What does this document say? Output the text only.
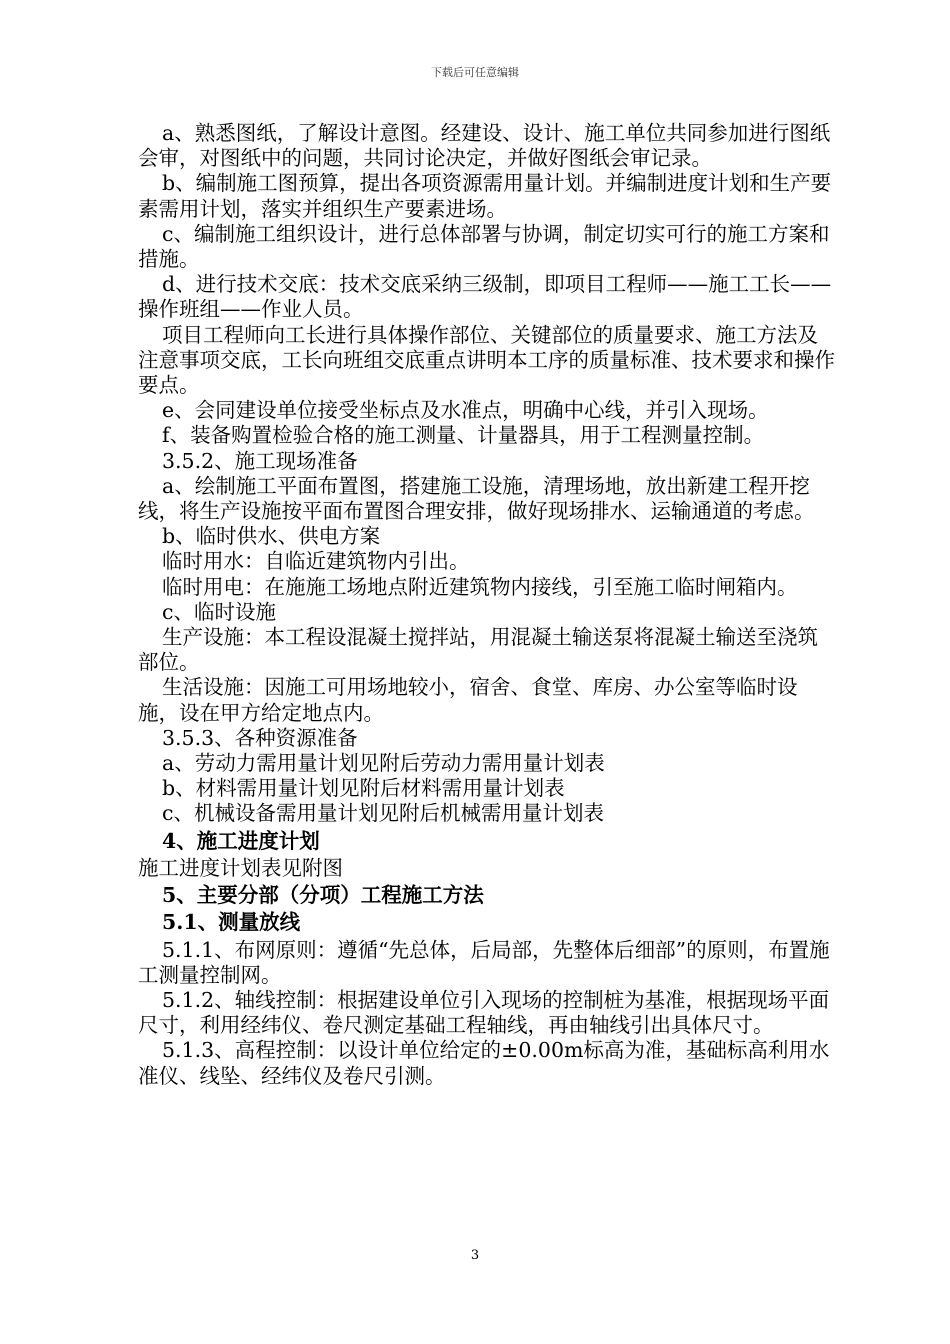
下载后可任意编辑

a、熟悉图纸，了解设计意图。经建设、设计、施工单位共同参加进行图纸会审，对图纸中的问题，共同讨论决定，并做好图纸会审记录。

b、编制施工图预算，提出各项资源需用量计划。并编制进度计划和生产要素需用计划，落实并组织生产要素进场。

c、编制施工组织设计，进行总体部署与协调，制定切实可行的施工方案和措施。

d、进行技术交底：技术交底采纳三级制，即项目工程师——施工工长——操作班组——作业人员。

项目工程师向工长进行具体操作部位、关键部位的质量要求、施工方法及注意事项交底，工长向班组交底重点讲明本工序的质量标准、技术要求和操作要点。

e、会同建设单位接受坐标点及水准点，明确中心线，并引入现场。

f、装备购置检验合格的施工测量、计量器具，用于工程测量控制。

3.5.2、施工现场准备

a、绘制施工平面布置图，搭建施工设施，清理场地，放出新建工程开挖线，将生产设施按平面布置图合理安排，做好现场排水、运输通道的考虑。

b、临时供水、供电方案

临时用水：自临近建筑物内引出。

临时用电：在施施工场地点附近建筑物内接线，引至施工临时闸箱内。

c、临时设施

生产设施：本工程设混凝土搅拌站，用混凝土输送泵将混凝土输送至浇筑部位。

生活设施：因施工可用场地较小，宿舍、食堂、库房、办公室等临时设施，设在甲方给定地点内。

3.5.3、各种资源准备

a、劳动力需用量计划见附后劳动力需用量计划表

b、材料需用量计划见附后材料需用量计划表

c、机械设备需用量计划见附后机械需用量计划表

4、施工进度计划

施工进度计划表见附图

5、主要分部（分项）工程施工方法

5.1、测量放线

5.1.1、布网原则：遵循“先总体，后局部，先整体后细部”的原则，布置施工测量控制网。

5.1.2、轴线控制：根据建设单位引入现场的控制桩为基准，根据现场平面尺寸，利用经纬仪、卷尺测定基础工程轴线，再由轴线引出具体尺寸。

5.1.3、高程控制：以设计单位给定的±0.00m标高为准，基础标高利用水准仪、线坠、经纬仪及卷尺引测。

3
